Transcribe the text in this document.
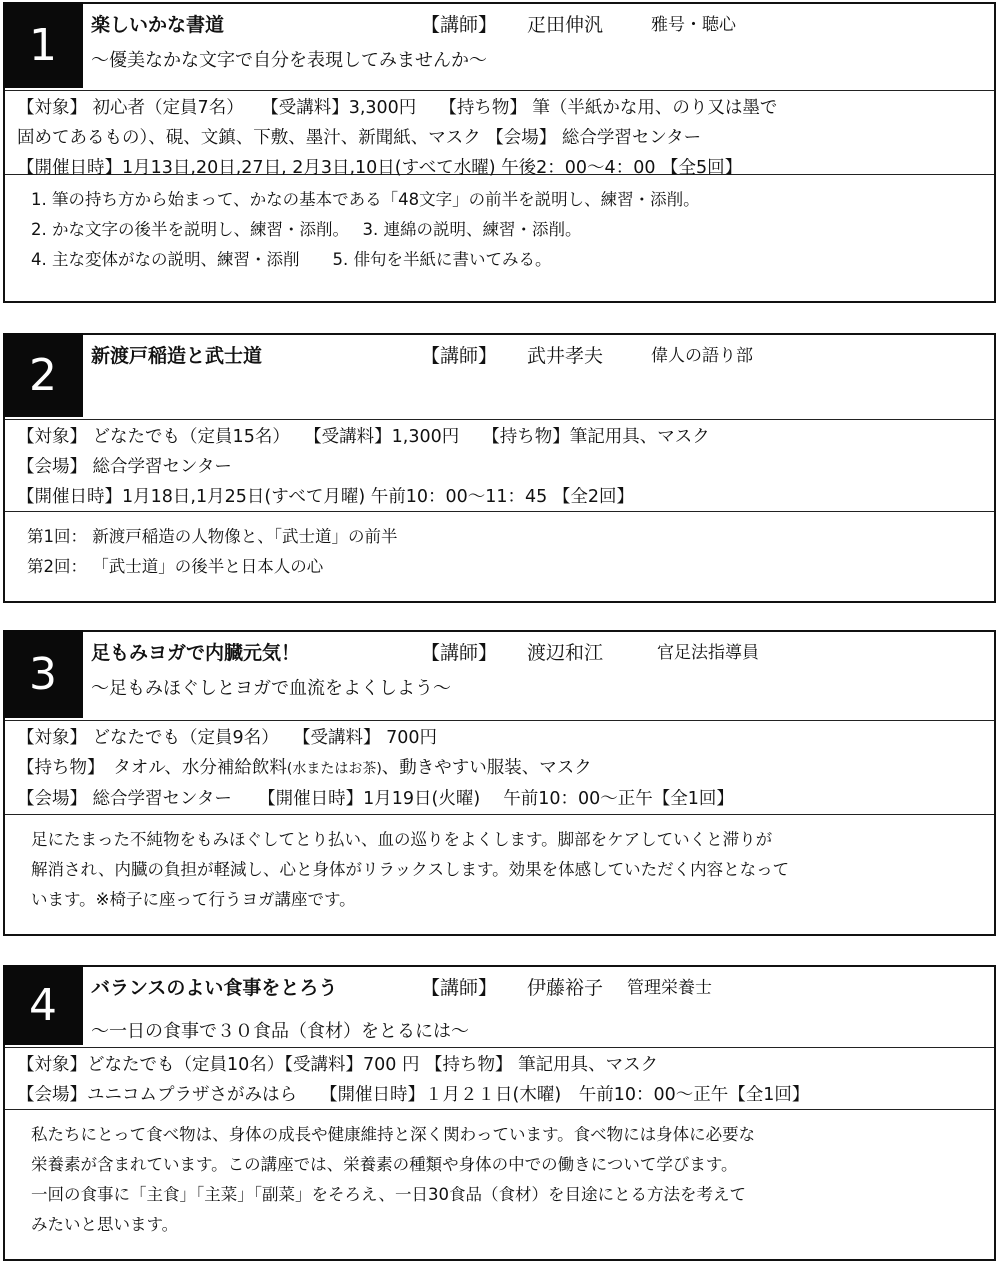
1	楽しいかな書道	【講師】 疋田伸汎	雅号・聴心
～優美なかな文字で自分を表現してみませんか～
【対象】 初心者（定員7名）　　【受講料】3,300円　 【持ち物】 筆（半紙かな用、のり又は墨で
固めてあるもの）、硯、文鎮、下敷、墨汁、新聞紙、マスク 【会場】 総合学習センター
【開催日時】1月13日,20日,27日, 2月3日,10日(すべて水曜) 午後2：00～4：00 【全5回】
1. 筆の持ち方から始まって、かなの基本である「48文字」の前半を説明し、練習・添削。
2. かな文字の後半を説明し、練習・添削。　 3. 連綿の説明、練習・添削。
4. 主な変体がなの説明、練習・添削　　5. 俳句を半紙に書いてみる。
2	新渡戸稲造と武士道	【講師】 武井孝夫	偉人の語り部
【対象】 どなたでも（定員15名）　 【受講料】1,300円　 【持ち物】筆記用具、マスク
【会場】 総合学習センター
【開催日時】1月18日,1月25日(すべて月曜) 午前10：00～11：45 【全2回】
第1回： 新渡戸稲造の人物像と、「武士道」の前半
第2回： 「武士道」の後半と日本人の心
3	足もみヨガで内臓元気！	【講師】 渡辺和江	官足法指導員
～足もみほぐしとヨガで血流をよくしよう～
【対象】 どなたでも（定員9名）　 【受講料】 700円
【持ち物】　タオル、水分補給飲料(水またはお茶)、動きやすい服装、マスク
【会場】 総合学習センター　　【開催日時】1月19日(火曜)　 午前10：00～正午【全1回】
足にたまった不純物をもみほぐしてとり払い、血の巡りをよくします。脚部をケアしていくと滞りが
解消され、内臓の負担が軽減し、心と身体がリラックスします。効果を体感していただく内容となって
います。※椅子に座って行うヨガ講座です。
4	バランスのよい食事をとろう	【講師】 伊藤裕子 管理栄養士
～一日の食事で３０食品（食材）をとるには～
【対象】どなたでも（定員10名）【受講料】700 円 【持ち物】 筆記用具、マスク
【会場】ユニコムプラザさがみはら　 【開催日時】１月２１日(木曜)　午前10：00～正午【全1回】
私たちにとって食べ物は、身体の成長や健康維持と深く関わっています。食べ物には身体に必要な
栄養素が含まれています。この講座では、栄養素の種類や身体の中での働きについて学びます。
一回の食事に「主食」「主菜」「副菜」をそろえ、一日30食品（食材）を目途にとる方法を考えて
みたいと思います。
